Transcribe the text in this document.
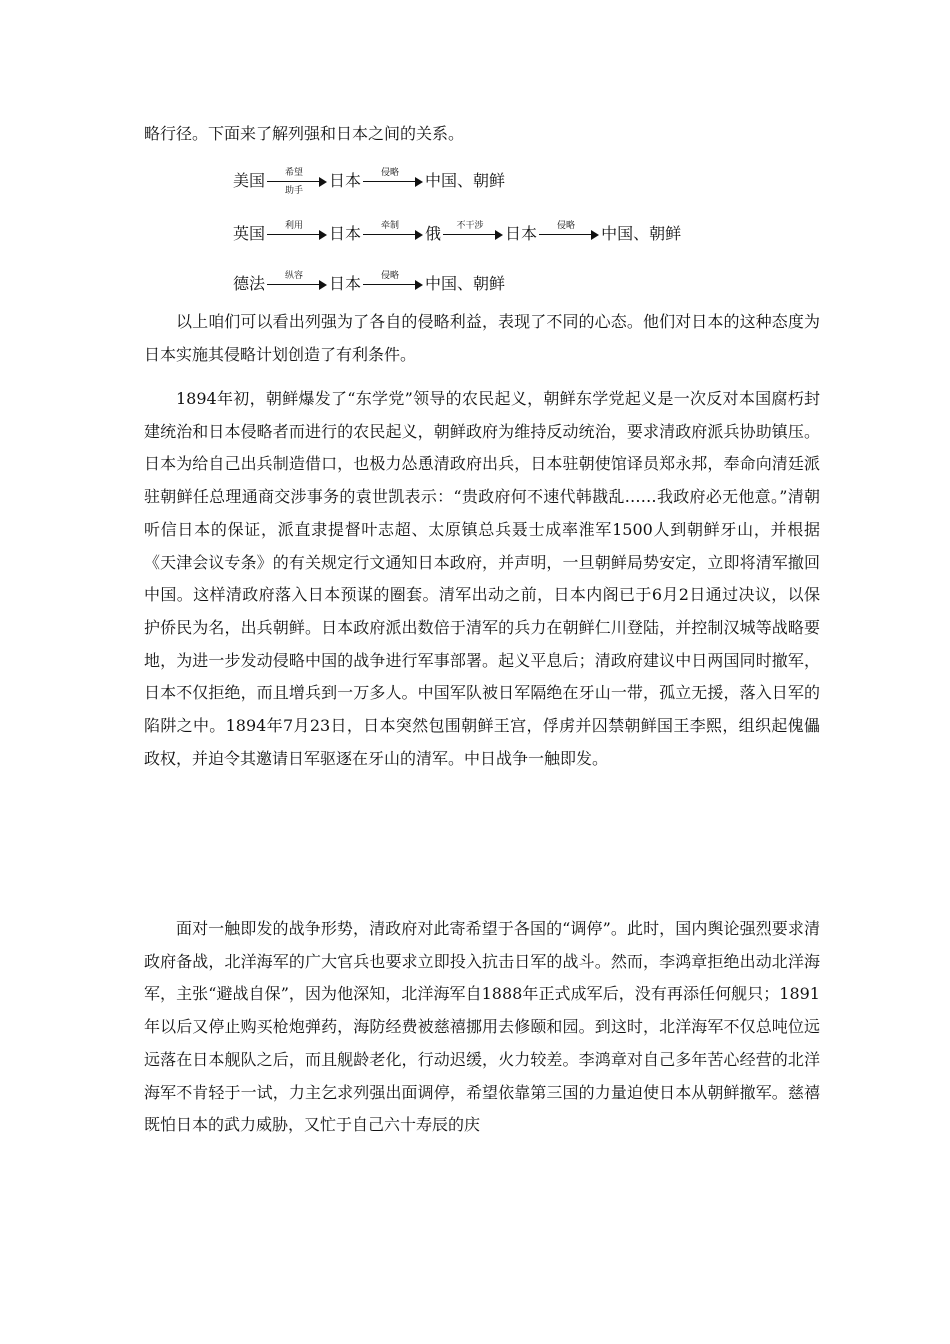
略行径。下面来了解列强和日本之间的关系。

美国	希望
助手
日本	侵略	中国、朝鲜
英国	利用	日本	牵制	俄	不干涉	日本	侵略	中国、朝鲜
德法	纵容	日本	侵略	中国、朝鲜

以上咱们可以看出列强为了各自的侵略利益，表现了不同的心态。他们对日本的这种态度为日本实施其侵略计划创造了有利条件。

1894年初，朝鲜爆发了“东学党”领导的农民起义，朝鲜东学党起义是一次反对本国腐朽封建统治和日本侵略者而进行的农民起义，朝鲜政府为维持反动统治，要求清政府派兵协助镇压。日本为给自己出兵制造借口，也极力怂恿清政府出兵，日本驻朝使馆译员郑永邦，奉命向清廷派驻朝鲜任总理通商交涉事务的袁世凯表示：“贵政府何不速代韩戡乱……我政府必无他意。”清朝听信日本的保证，派直隶提督叶志超、太原镇总兵聂士成率淮军1500人到朝鲜牙山，并根据《天津会议专条》的有关规定行文通知日本政府，并声明，一旦朝鲜局势安定，立即将清军撤回中国。这样清政府落入日本预谋的圈套。清军出动之前，日本内阁已于6月2日通过决议，以保护侨民为名，出兵朝鲜。日本政府派出数倍于清军的兵力在朝鲜仁川登陆，并控制汉城等战略要地，为进一步发动侵略中国的战争进行军事部署。起义平息后；清政府建议中日两国同时撤军，日本不仅拒绝，而且增兵到一万多人。中国军队被日军隔绝在牙山一带，孤立无援，落入日军的陷阱之中。1894年7月23日，日本突然包围朝鲜王宫，俘虏并囚禁朝鲜国王李熙，组织起傀儡政权，并迫令其邀请日军驱逐在牙山的清军。中日战争一触即发。

面对一触即发的战争形势，清政府对此寄希望于各国的“调停”。此时，国内舆论强烈要求清政府备战，北洋海军的广大官兵也要求立即投入抗击日军的战斗。然而，李鸿章拒绝出动北洋海军，主张“避战自保”，因为他深知，北洋海军自1888年正式成军后，没有再添任何舰只；1891年以后又停止购买枪炮弹药，海防经费被慈禧挪用去修颐和园。到这时，北洋海军不仅总吨位远远落在日本舰队之后，而且舰龄老化，行动迟缓，火力较差。李鸿章对自己多年苦心经营的北洋海军不肯轻于一试，力主乞求列强出面调停，希望依靠第三国的力量迫使日本从朝鲜撤军。慈禧既怕日本的武力威胁，又忙于自己六十寿辰的庆
